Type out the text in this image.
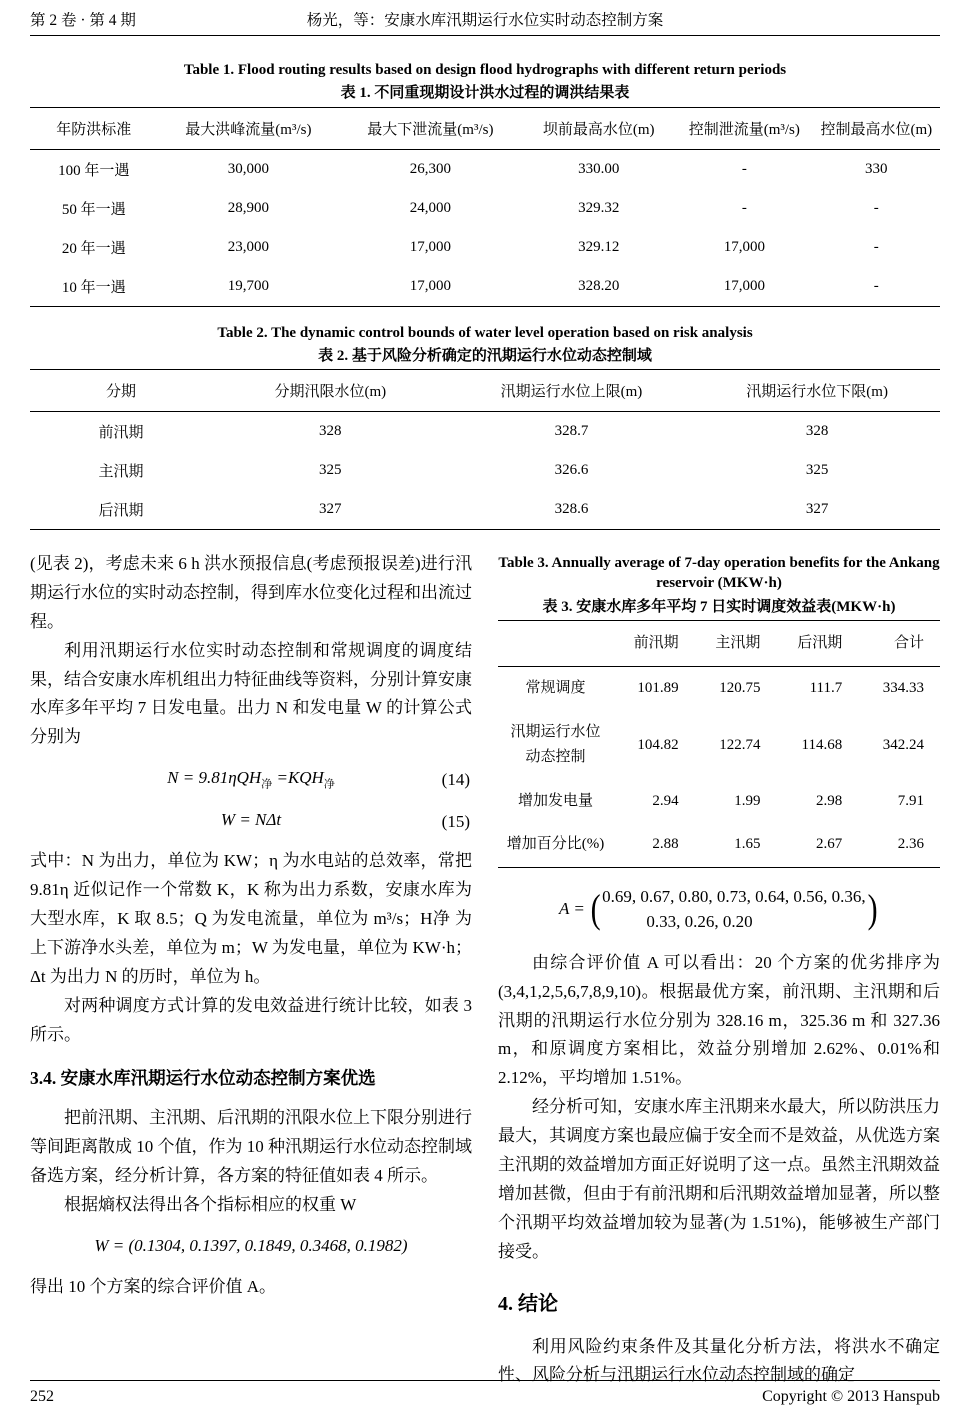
第 2 卷 · 第 4 期	杨光，等：安康水库汛期运行水位实时动态控制方案
Table 1. Flood routing results based on design flood hydrographs with different return periods
表 1. 不同重现期设计洪水过程的调洪结果表
年防洪标准	最大洪峰流量(m³/s)	最大下泄流量(m³/s)	坝前最高水位(m)	控制泄流量(m³/s)	控制最高水位(m)
100 年一遇	30,000	26,300	330.00	-	330
50 年一遇	28,900	24,000	329.32	-	-
20 年一遇	23,000	17,000	329.12	17,000	-
10 年一遇	19,700	17,000	328.20	17,000	-
Table 2. The dynamic control bounds of water level operation based on risk analysis
表 2. 基于风险分析确定的汛期运行水位动态控制域
分期	分期汛限水位(m)	汛期运行水位上限(m)	汛期运行水位下限(m)
前汛期	328	328.7	328
主汛期	325	326.6	325
后汛期	327	328.6	327

(见表 2)，考虑未来 6 h 洪水预报信息(考虑预报误差)进行汛期运行水位的实时动态控制，得到库水位变化过程和出流过程。

利用汛期运行水位实时动态控制和常规调度的调度结果，结合安康水库机组出力特征曲线等资料，分别计算安康水库多年平均 7 日发电量。出力 N 和发电量 W 的计算公式分别为

$N = 9.81\eta QH_净 =KQH_净$	(14)
W = NΔt	(15)

式中：N 为出力，单位为 KW；η 为水电站的总效率，常把9.81η 近似记作一个常数 K，K 称为出力系数，安康水库为大型水库，K 取 8.5；Q 为发电流量，单位为 m³/s；H净 为上下游净水头差，单位为 m；W 为发电量，单位为 KW·h；Δt 为出力 N 的历时，单位为 h。

对两种调度方式计算的发电效益进行统计比较，如表 3 所示。

3.4. 安康水库汛期运行水位动态控制方案优选

把前汛期、主汛期、后汛期的汛限水位上下限分别进行等间距离散成 10 个值，作为 10 种汛期运行水位动态控制域备选方案，经分析计算，各方案的特征值如表 4 所示。

根据熵权法得出各个指标相应的权重 W

W = (0.1304, 0.1397, 0.1849, 0.3468, 0.1982)

得出 10 个方案的综合评价值 A。

Table 3. Annually average of 7-day operation benefits for the Ankang reservoir (MKW·h)
表 3. 安康水库多年平均 7 日实时调度效益表(MKW·h)
	前汛期	主汛期	后汛期	合计
常规调度	101.89	120.75	111.7	334.33
汛期运行水位动态控制	104.82	122.74	114.68	342.24
增加发电量	2.94	1.99	2.98	7.91
增加百分比(%)	2.88	1.65	2.67	2.36
A = ( 0.69, 0.67, 0.80, 0.73, 0.64, 0.56, 0.36,
0.33, 0.26, 0.20	)

由综合评价值 A 可以看出：20 个方案的优劣排序为(3,4,1,2,5,6,7,8,9,10)。根据最优方案，前汛期、主汛期和后汛期的汛期运行水位分别为 328.16 m，325.36 m 和 327.36 m，和原调度方案相比，效益分别增加 2.62%、0.01%和 2.12%，平均增加 1.51%。

经分析可知，安康水库主汛期来水最大，所以防洪压力最大，其调度方案也最应偏于安全而不是效益，从优选方案主汛期的效益增加方面正好说明了这一点。虽然主汛期效益增加甚微，但由于有前汛期和后汛期效益增加显著，所以整个汛期平均效益增加较为显著(为 1.51%)，能够被生产部门接受。

4. 结论

利用风险约束条件及其量化分析方法，将洪水不确定性、风险分析与汛期运行水位动态控制域的确定

252	Copyright © 2013 Hanspub
